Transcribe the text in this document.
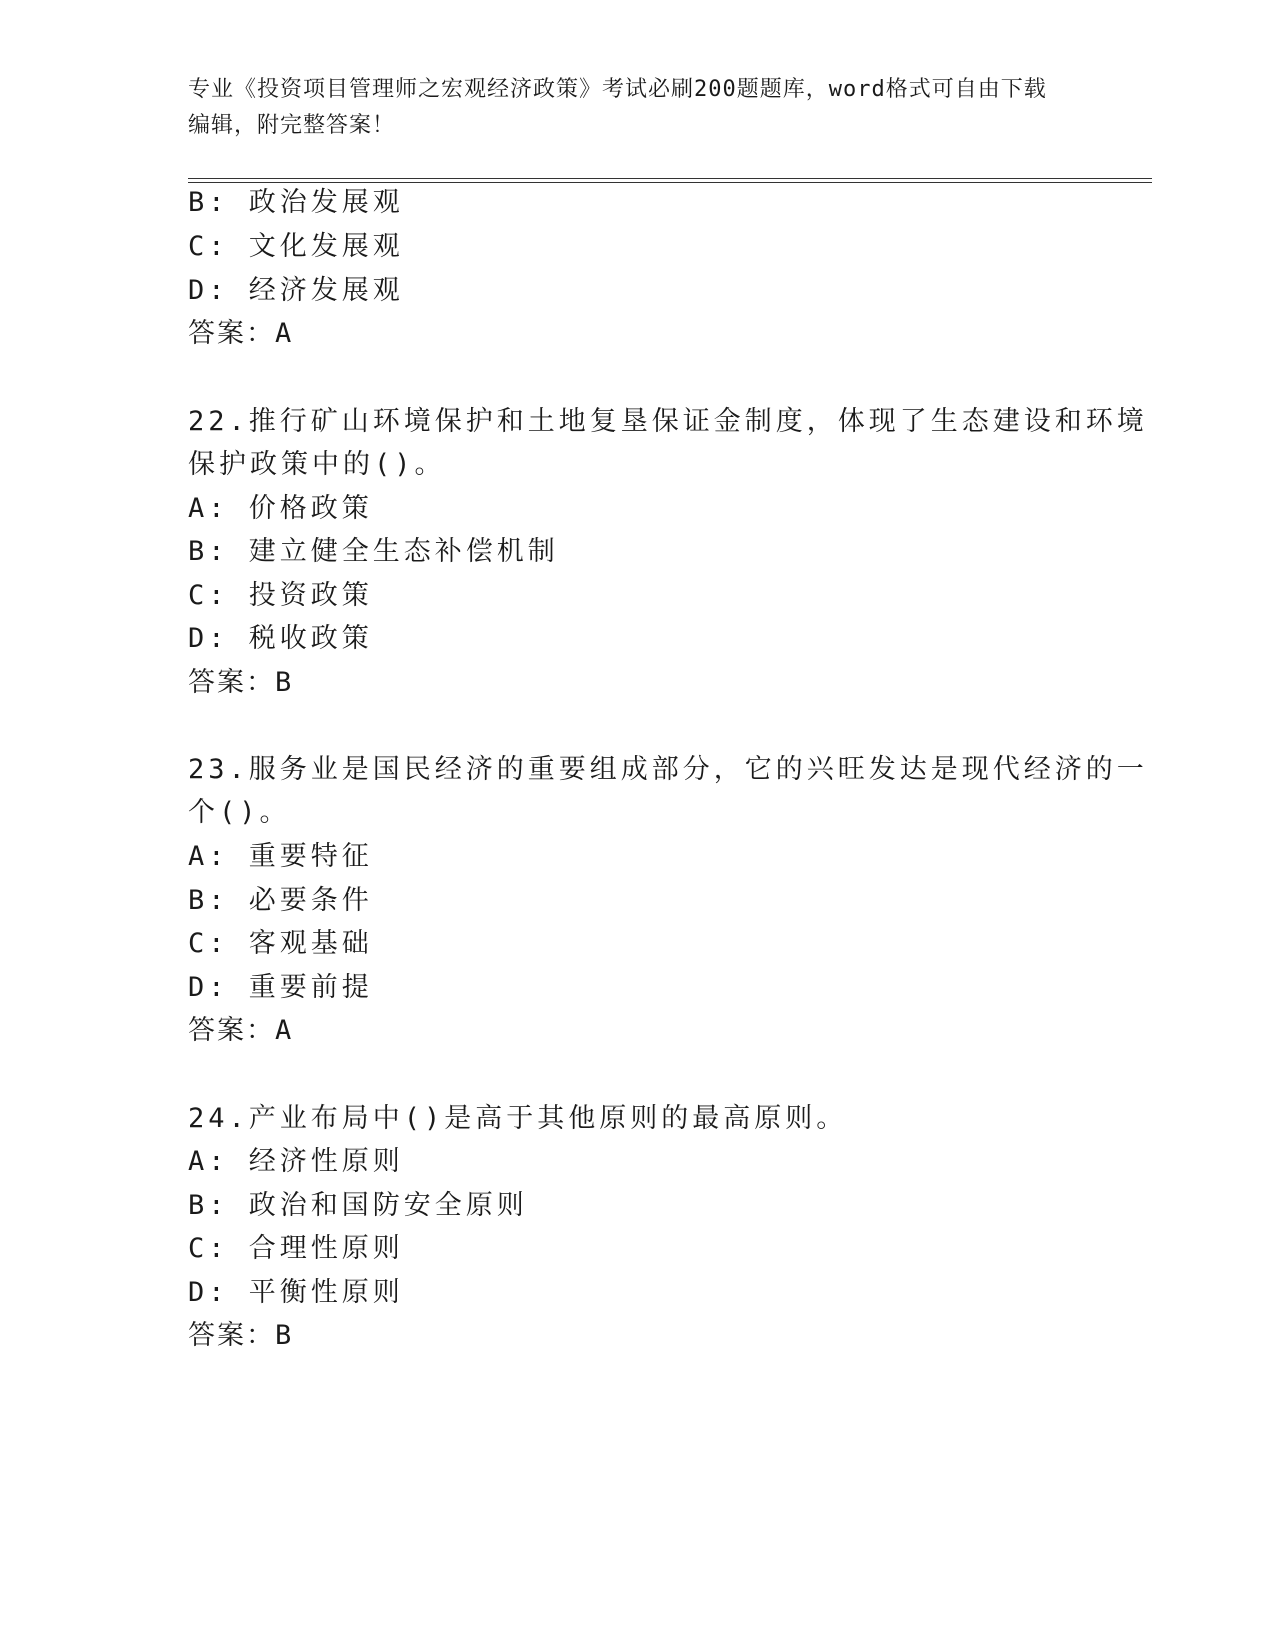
专业《投资项目管理师之宏观经济政策》考试必刷200题题库，word格式可自由下载编辑，附完整答案！
B: 政治发展观
C: 文化发展观
D: 经济发展观
答案：A
22.推行矿山环境保护和土地复垦保证金制度，体现了生态建设和环境
保护政策中的()。
A: 价格政策
B: 建立健全生态补偿机制
C: 投资政策
D: 税收政策
答案：B
23.服务业是国民经济的重要组成部分，它的兴旺发达是现代经济的一
个()。
A: 重要特征
B: 必要条件
C: 客观基础
D: 重要前提
答案：A
24.产业布局中()是高于其他原则的最高原则。
A: 经济性原则
B: 政治和国防安全原则
C: 合理性原则
D: 平衡性原则
答案：B
